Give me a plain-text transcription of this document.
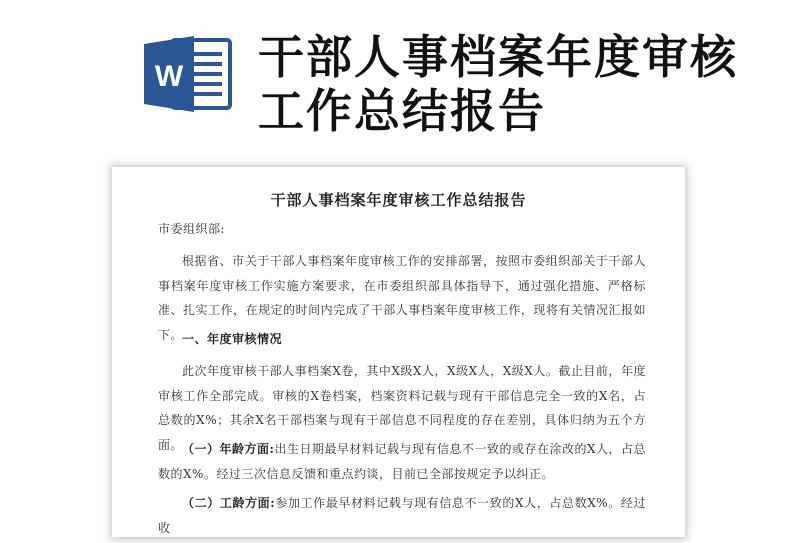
W 干部人事档案年度审核工作总结报告
干部人事档案年度审核工作总结报告
市委组织部:
根据省、市关于干部人事档案年度审核工作的安排部署，按照市委组织部关于干部人事档案年度审核工作实施方案要求，在市委组织部具体指导下，通过强化措施、严格标准、扎实工作，在规定的时间内完成了干部人事档案年度审核工作，现将有关情况汇报如下。
一、年度审核情况
此次年度审核干部人事档案X卷，其中X级X人，X级X人，X级X人。截止目前，年度审核工作全部完成。审核的X卷档案，档案资料记载与现有干部信息完全一致的X名，占总数的X%；其余X名干部档案与现有干部信息不同程度的存在差别，具体归纳为五个方面。
（一）年龄方面:出生日期最早材料记载与现有信息不一致的或存在涂改的X人，占总数的X%。经过三次信息反馈和重点约谈，目前已全部按规定予以纠正。
（二）工龄方面:参加工作最早材料记载与现有信息不一致的X人，占总数X%。经过收
